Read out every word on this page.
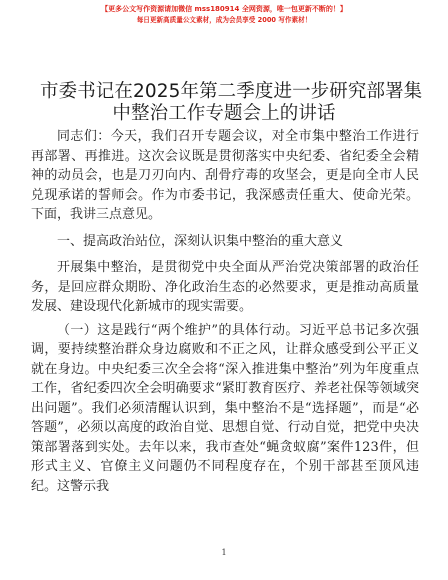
【更多公文写作资源请加微信 mss180914 全网资源，唯一包更新不断的！】
每日更新高质量公文素材，成为会员享受 2000 写作素材！
市委书记在2025年第二季度进一步研究部署集
中整治工作专题会上的讲话

同志们：今天，我们召开专题会议，对全市集中整治工作进行再部署、再推进。这次会议既是贯彻落实中央纪委、省纪委全会精神的动员会，也是刀刃向内、刮骨疗毒的攻坚会，更是向全市人民兑现承诺的誓师会。作为市委书记，我深感责任重大、使命光荣。下面，我讲三点意见。

一、提高政治站位，深刻认识集中整治的重大意义

开展集中整治，是贯彻党中央全面从严治党决策部署的政治任务，是回应群众期盼、净化政治生态的必然要求，更是推动高质量发展、建设现代化新城市的现实需要。

（一）这是践行“两个维护”的具体行动。习近平总书记多次强调，要持续整治群众身边腐败和不正之风，让群众感受到公平正义就在身边。中央纪委三次全会将“深入推进集中整治”列为年度重点工作，省纪委四次全会明确要求“紧盯教育医疗、养老社保等领域突出问题”。我们必须清醒认识到，集中整治不是“选择题”，而是“必答题”，必须以高度的政治自觉、思想自觉、行动自觉，把党中央决策部署落到实处。去年以来，我市查处“蝇贪蚁腐”案件123件，但形式主义、官僚主义问题仍不同程度存在，个别干部甚至顶风违纪。这警示我

1
